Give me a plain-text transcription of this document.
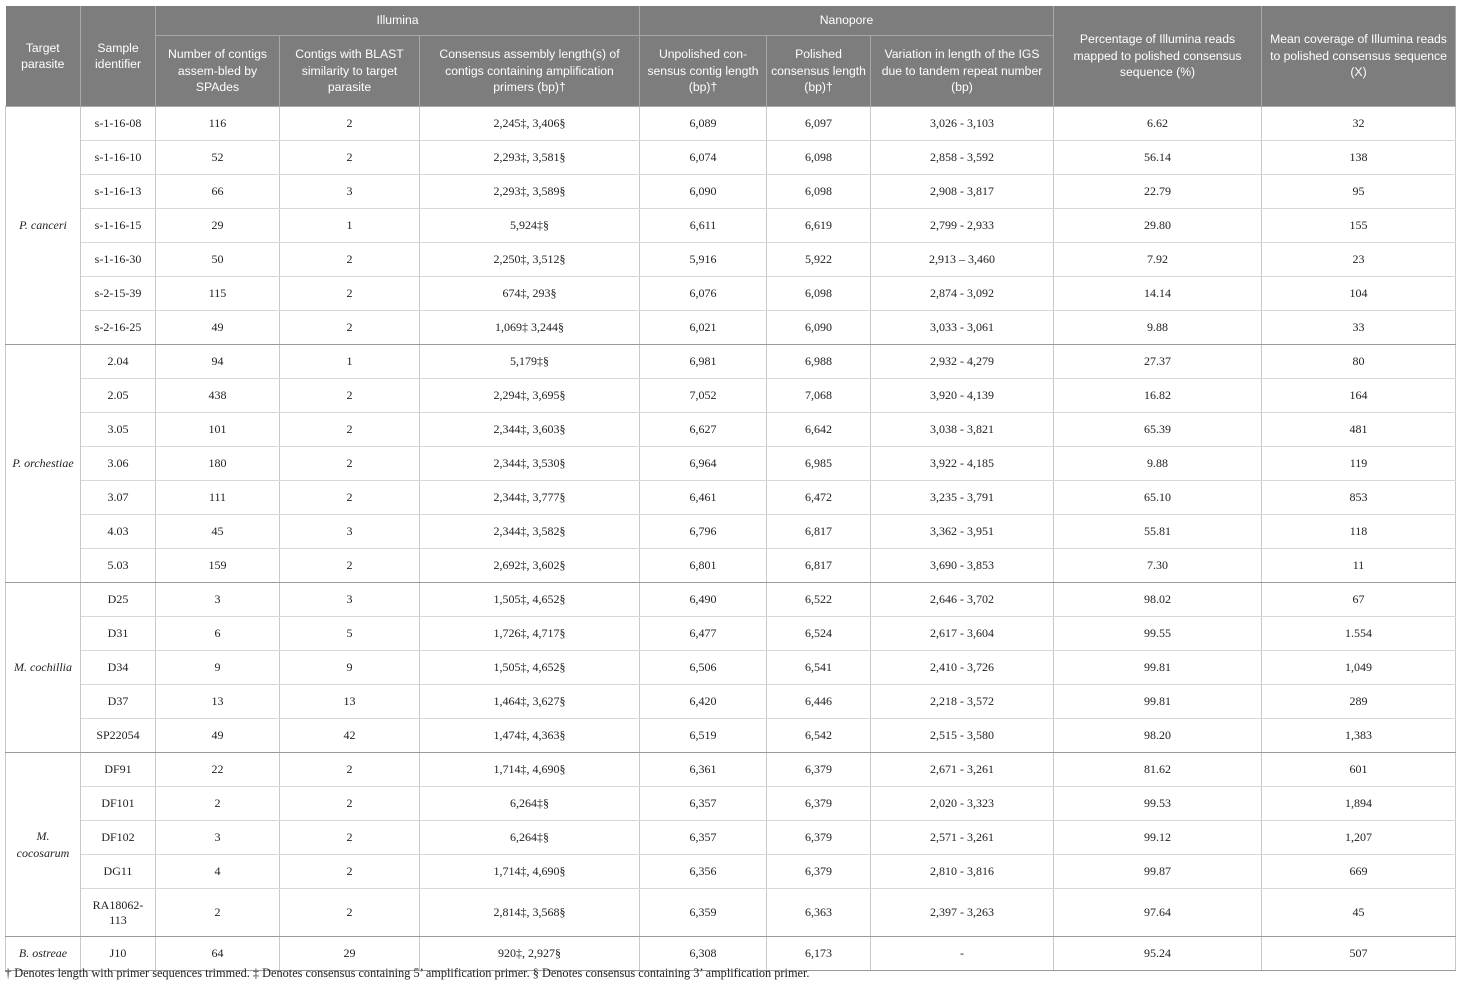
Target parasite	Sample identifier	Illumina			Nanopore			Percentage of Illumina reads mapped to polished consensus sequence (%)	Mean coverage of Illumina reads to polished consensus sequence (X)
		Number of contigs assem-bled by SPAdes	Contigs with BLAST similarity to target parasite	Consensus assembly length(s) of contigs containing amplification primers (bp)†	Unpolished con-sensus contig length (bp)†	Polished consensus length (bp)†	Variation in length of the IGS due to tandem repeat number (bp)		
P. canceri	s-1-16-08	116	2	2,245‡, 3,406§	6,089	6,097	3,026 - 3,103	6.62	32
	s-1-16-10	52	2	2,293‡, 3,581§	6,074	6,098	2,858 - 3,592	56.14	138
	s-1-16-13	66	3	2,293‡, 3,589§	6,090	6,098	2,908 - 3,817	22.79	95
	s-1-16-15	29	1	5,924‡§	6,611	6,619	2,799 - 2,933	29.80	155
	s-1-16-30	50	2	2,250‡, 3,512§	5,916	5,922	2,913 – 3,460	7.92	23
	s-2-15-39	115	2	674‡, 293§	6,076	6,098	2,874 - 3,092	14.14	104
	s-2-16-25	49	2	1,069‡ 3,244§	6,021	6,090	3,033 - 3,061	9.88	33
P. orchestiae	2.04	94	1	5,179‡§	6,981	6,988	2,932 - 4,279	27.37	80
	2.05	438	2	2,294‡, 3,695§	7,052	7,068	3,920 - 4,139	16.82	164
	3.05	101	2	2,344‡, 3,603§	6,627	6,642	3,038 - 3,821	65.39	481
	3.06	180	2	2,344‡, 3,530§	6,964	6,985	3,922 - 4,185	9.88	119
	3.07	111	2	2,344‡, 3,777§	6,461	6,472	3,235 - 3,791	65.10	853
	4.03	45	3	2,344‡, 3,582§	6,796	6,817	3,362 - 3,951	55.81	118
	5.03	159	2	2,692‡, 3,602§	6,801	6,817	3,690 - 3,853	7.30	11
M. cochillia	D25	3	3	1,505‡, 4,652§	6,490	6,522	2,646 - 3,702	98.02	67
	D31	6	5	1,726‡, 4,717§	6,477	6,524	2,617 - 3,604	99.55	1.554
	D34	9	9	1,505‡, 4,652§	6,506	6,541	2,410 - 3,726	99.81	1,049
	D37	13	13	1,464‡, 3,627§	6,420	6,446	2,218 - 3,572	99.81	289
	SP22054	49	42	1,474‡, 4,363§	6,519	6,542	2,515 - 3,580	98.20	1,383
M. cocosarum	DF91	22	2	1,714‡, 4,690§	6,361	6,379	2,671 - 3,261	81.62	601
	DF101	2	2	6,264‡§	6,357	6,379	2,020 - 3,323	99.53	1,894
	DF102	3	2	6,264‡§	6,357	6,379	2,571 - 3,261	99.12	1,207
	DG11	4	2	1,714‡, 4,690§	6,356	6,379	2,810 - 3,816	99.87	669
	RA18062-113	2	2	2,814‡, 3,568§	6,359	6,363	2,397 - 3,263	97.64	45
B. ostreae	J10	64	29	920‡, 2,927§	6,308	6,173	-	95.24	507
† Denotes length with primer sequences trimmed. ‡ Denotes consensus containing 5’ amplification primer. § Denotes consensus containing 3’ amplification primer.
